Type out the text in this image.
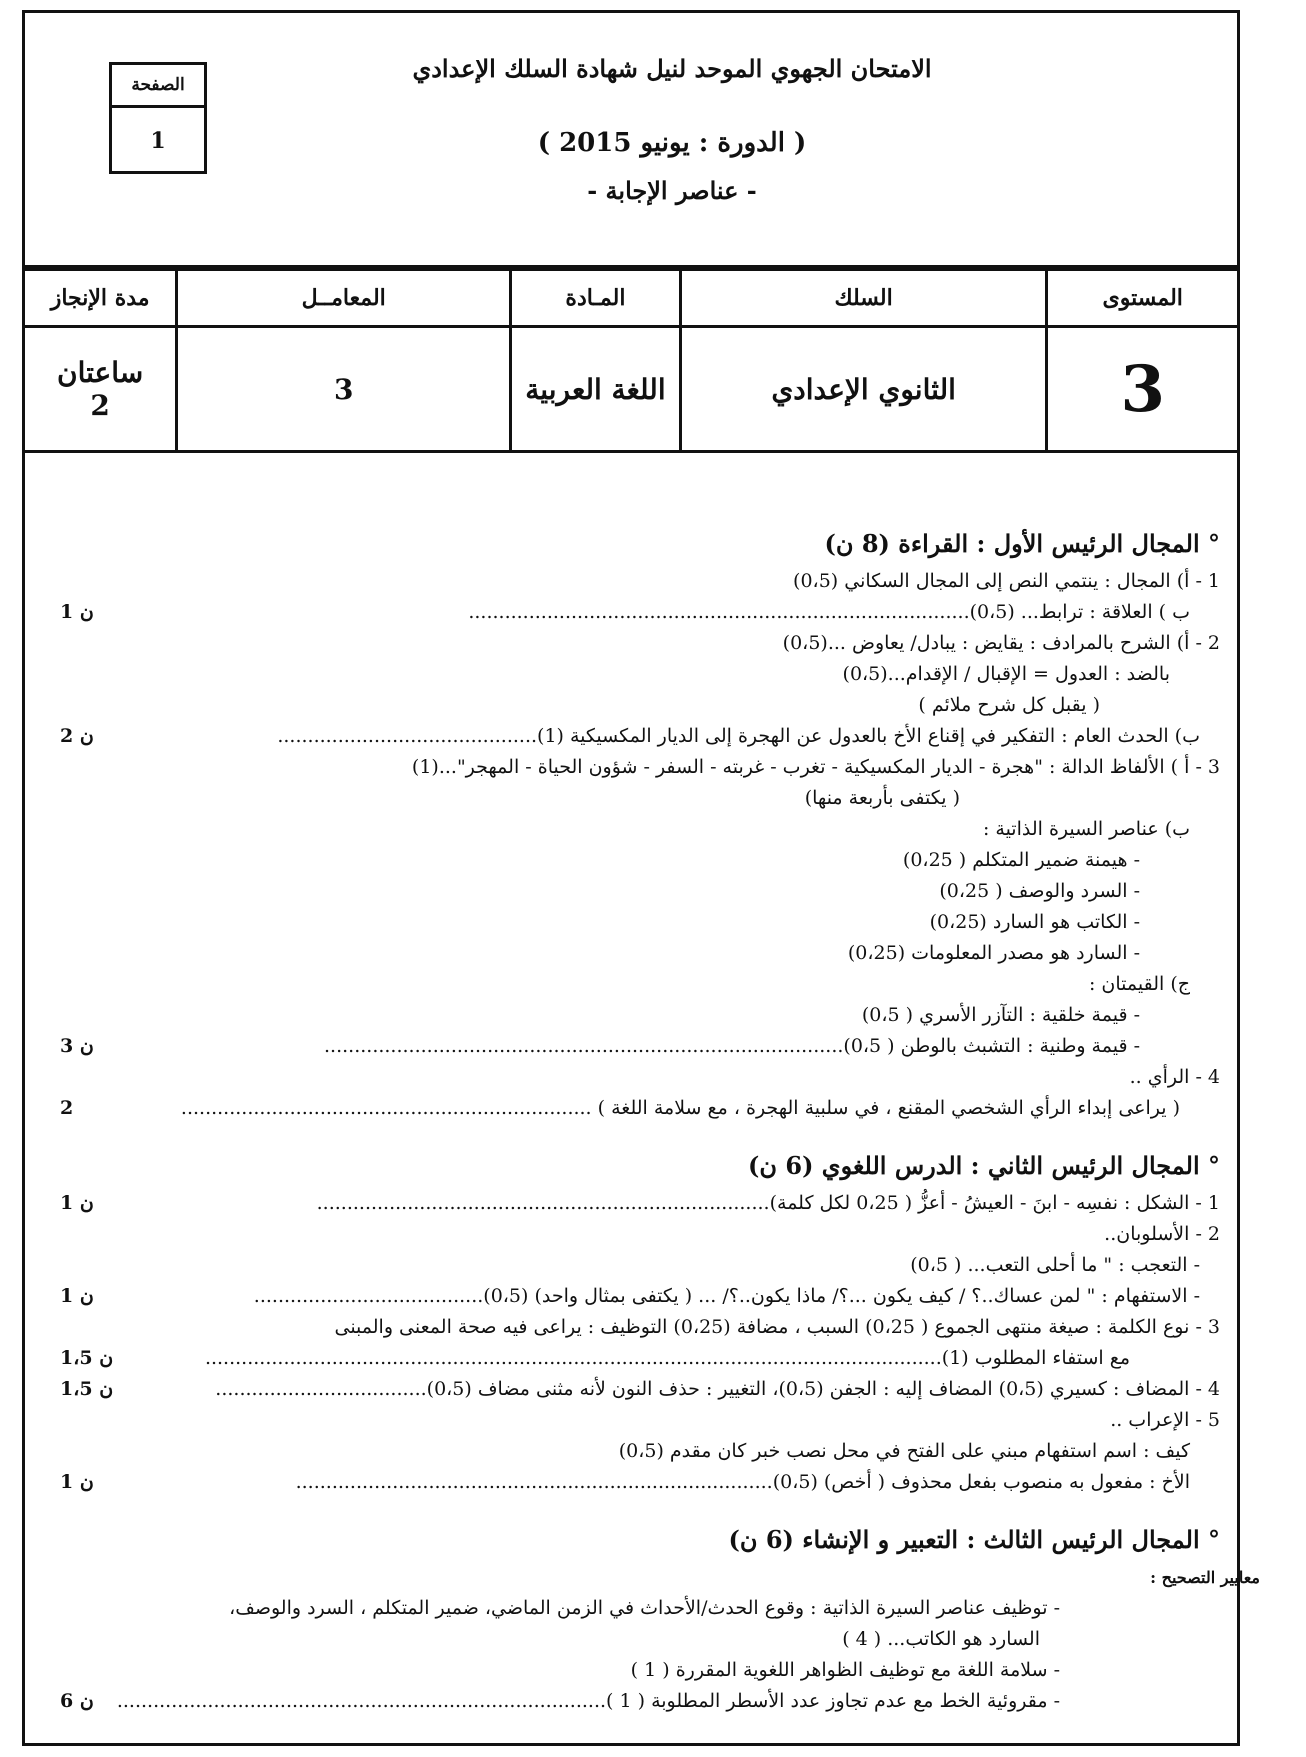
الصفحة
1
الامتحان الجهوي الموحد لنيل شهادة السلك الإعدادي
( الدورة : يونيو 2015 )
- عناصر الإجابة -
المستوى	السلك	المـادة	المعامــل	مدة الإنجاز
3	الثانوي الإعدادي	اللغة العربية	3	ساعتان
2
° المجال الرئيس الأول : القراءة (8 ن)
1 - أ) المجال : ينتمي النص إلى المجال السكاني (0،5)
ب ) العلاقة : ترابط... (0،5)...................................................................................
1 ن
2 - أ) الشرح بالمرادف : يقايض : يبادل/ يعاوض ...(0،5)
بالضد : العدول = الإقبال / الإقدام...(0،5)
( يقبل كل شرح ملائم )
ب) الحدث العام : التفكير في إقناع الأخ بالعدول عن الهجرة إلى الديار المكسيكية (1)...........................................
2 ن
3 - أ ) الألفاظ الدالة : "هجرة - الديار المكسيكية - تغرب - غربته - السفر - شؤون الحياة - المهجر"...(1)
( يكتفى بأربعة منها)
ب) عناصر السيرة الذاتية :
- هيمنة ضمير المتكلم ( 0،25)
- السرد والوصف ( 0،25)
- الكاتب هو السارد (0،25)
- السارد هو مصدر المعلومات (0،25)
ج) القيمتان :
- قيمة خلقية : التآزر الأسري ( 0،5)
- قيمة وطنية : التشبث بالوطن ( 0،5)......................................................................................
3 ن
4 - الرأي ..
( يراعى إبداء الرأي الشخصي المقنع ، في سلبية الهجرة ، مع سلامة اللغة ) ....................................................................
2
° المجال الرئيس الثاني : الدرس اللغوي (6 ن)
1 - الشكل : نفسِه - ابنَ - العيشُ - أعزُّ ( 0،25 لكل كلمة)...........................................................................
1 ن
2 - الأسلوبان..
- التعجب : " ما أحلى التعب... ( 0،5)
- الاستفهام : " لمن عساك..؟ / كيف يكون ...؟/ ماذا يكون..؟/ ... ( يكتفى بمثال واحد) (0،5)......................................
1 ن
3 - نوع الكلمة : صيغة منتهى الجموع ( 0،25) السبب ، مضافة (0،25) التوظيف : يراعى فيه صحة المعنى والمبنى
مع استفاء المطلوب (1)..........................................................................................................................
1،5 ن
4 - المضاف : كسيري (0،5) المضاف إليه : الجفن (0،5)، التغيير : حذف النون لأنه مثنى مضاف (0،5)...................................
1،5 ن
5 - الإعراب ..
كيف : اسم استفهام مبني على الفتح في محل نصب خبر كان مقدم (0،5)
الأخ : مفعول به منصوب بفعل محذوف ( أخص) (0،5)...............................................................................
1 ن
° المجال الرئيس الثالث : التعبير و الإنشاء (6 ن)
معايير التصحيح :
- توظيف عناصر السيرة الذاتية : وقوع الحدث/الأحداث في الزمن الماضي، ضمير المتكلم ، السرد والوصف،
السارد هو الكاتب... ( 4 )
- سلامة اللغة مع توظيف الظواهر اللغوية المقررة ( 1 )
- مقروئية الخط مع عدم تجاوز عدد الأسطر المطلوبة ( 1 ).................................................................................
6 ن
